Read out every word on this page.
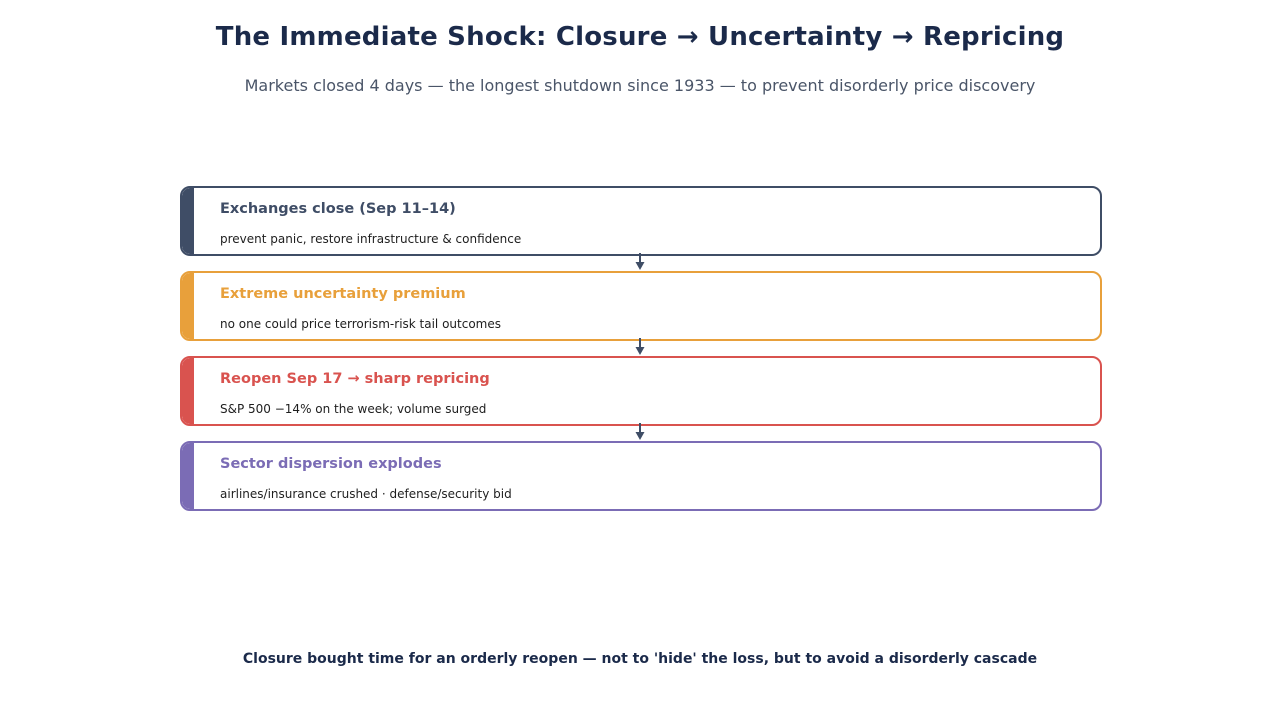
The Immediate Shock: Closure → Uncertainty → Repricing
Markets closed 4 days — the longest shutdown since 1933 — to prevent disorderly price discovery
Exchanges close (Sep 11–14)
prevent panic, restore infrastructure & confidence
Extreme uncertainty premium
no one could price terrorism-risk tail outcomes
Reopen Sep 17 → sharp repricing
S&P 500 −14% on the week; volume surged
Sector dispersion explodes
airlines/insurance crushed · defense/security bid
Closure bought time for an orderly reopen — not to 'hide' the loss, but to avoid a disorderly cascade
